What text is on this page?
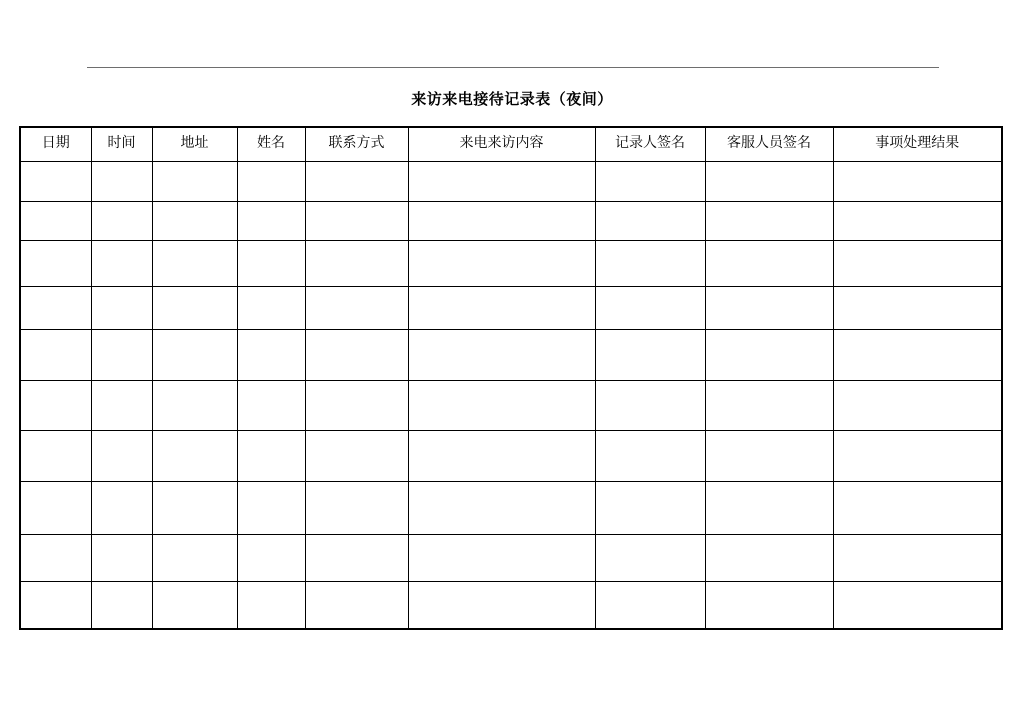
来访来电接待记录表（夜间）
日期	时间	地址	姓名	联系方式	来电来访内容	记录人签名	客服人员签名	事项处理结果
